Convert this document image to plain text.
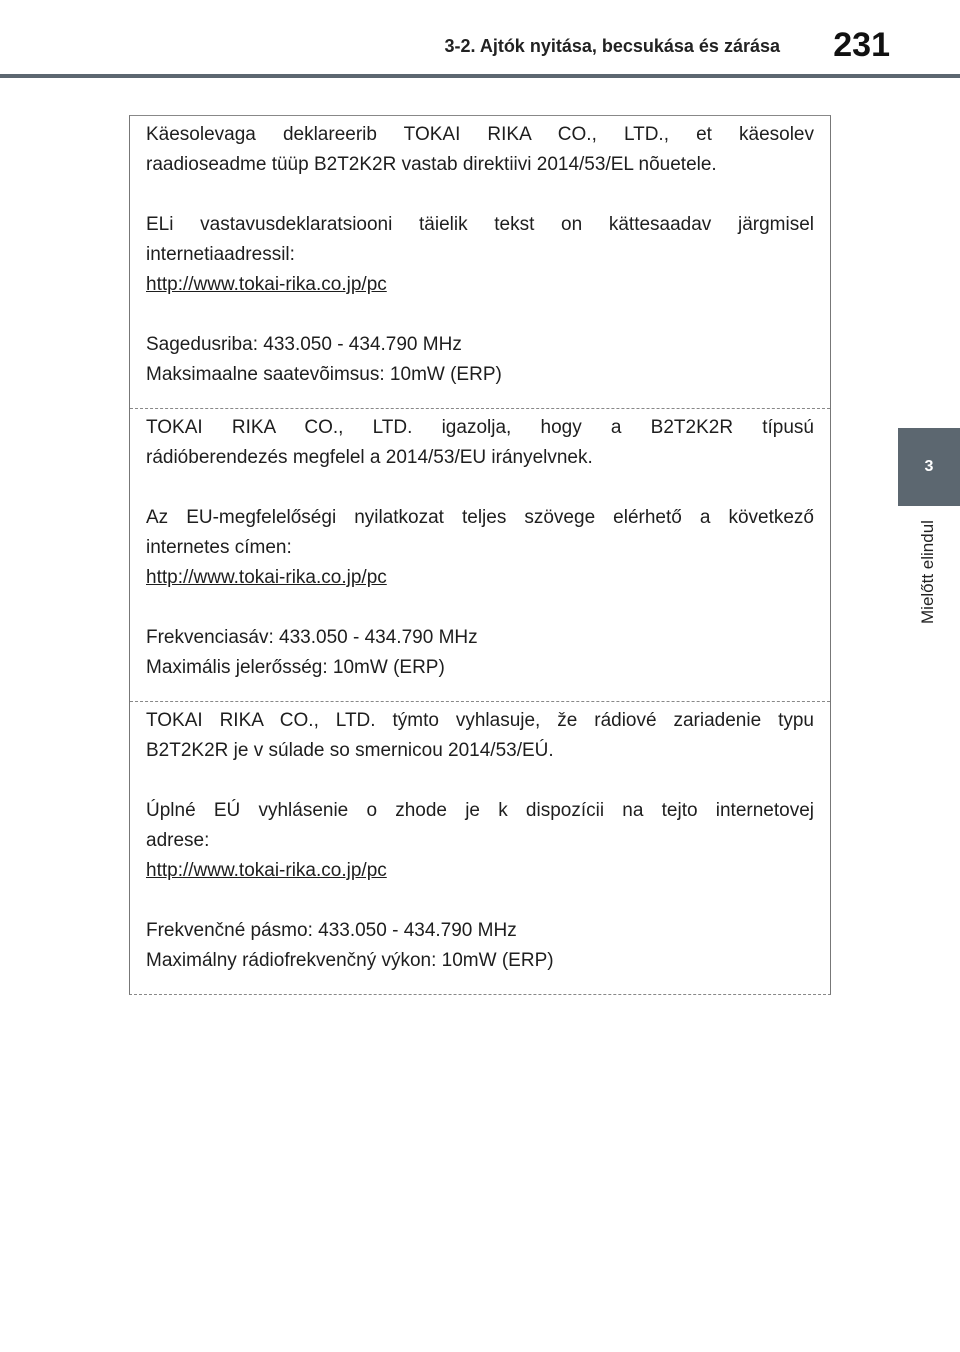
3-2. Ajtók nyitása, becsukása és zárása 231
3
Mielőtt elindul

Käesolevaga deklareerib TOKAI RIKA CO., LTD., et käesolev
raadioseadme tüüp B2T2K2R vastab direktiivi 2014/53/EL nõuetele.

ELi vastavusdeklaratsiooni täielik tekst on kättesaadav järgmisel
internetiaadressil:
http://www.tokai-rika.co.jp/pc

Sagedusriba: 433.050 - 434.790 MHz
Maksimaalne saatevõimsus: 10mW (ERP)

TOKAI RIKA CO., LTD. igazolja, hogy a B2T2K2R típusú
rádióberendezés megfelel a 2014/53/EU irányelvnek.

Az EU-megfelelőségi nyilatkozat teljes szövege elérhető a következő
internetes címen:
http://www.tokai-rika.co.jp/pc

Frekvenciasáv: 433.050 - 434.790 MHz
Maximális jelerősség: 10mW (ERP)

TOKAI RIKA CO., LTD. týmto vyhlasuje, že rádiové zariadenie typu
B2T2K2R je v súlade so smernicou 2014/53/EÚ.

Úplné EÚ vyhlásenie o zhode je k dispozícii na tejto internetovej
adrese:
http://www.tokai-rika.co.jp/pc

Frekvenčné pásmo: 433.050 - 434.790 MHz
Maximálny rádiofrekvenčný výkon: 10mW (ERP)
